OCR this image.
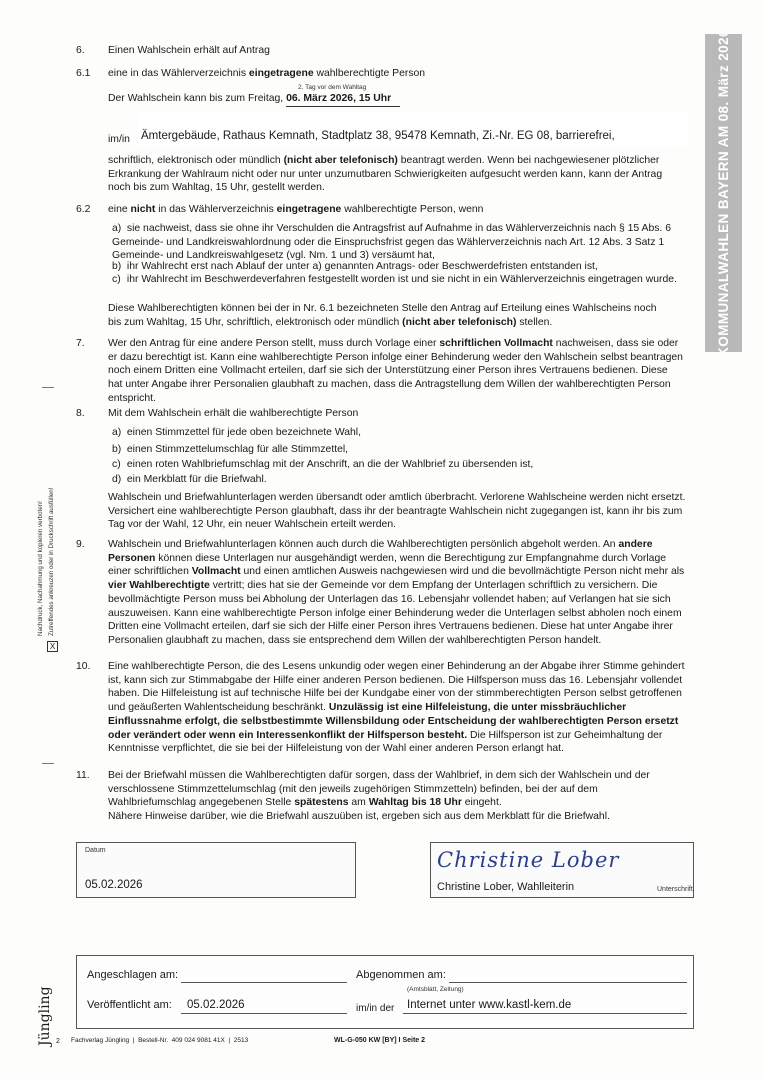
KOMMUNALWAHLEN BAYERN AM 08. März 2026
Nachdruck, Nachahmung und kopieren verboten! Zutreffendes ankreuzen oder in Druckschrift ausfüllen!
X
6. Einen Wahlschein erhält auf Antrag
6.1 eine in das Wählerverzeichnis eingetragene wahlberechtigte Person
2. Tag vor dem Wahltag
Der Wahlschein kann bis zum Freitag, 06. März 2026, 15 Uhr
im/in Ämtergebäude, Rathaus Kemnath, Stadtplatz 38, 95478 Kemnath, Zi.-Nr. EG 08, barrierefrei,
schriftlich, elektronisch oder mündlich (nicht aber telefonisch) beantragt werden. Wenn bei nachgewiesener plötzlicher Erkrankung der Wahlraum nicht oder nur unter unzumutbaren Schwierigkeiten aufgesucht werden kann, kann der Antrag noch bis zum Wahltag, 15 Uhr, gestellt werden.
6.2 eine nicht in das Wählerverzeichnis eingetragene wahlberechtigte Person, wenn
a) sie nachweist, dass sie ohne ihr Verschulden die Antragsfrist auf Aufnahme in das Wählerverzeichnis nach § 15 Abs. 6 Gemeinde- und Landkreiswahlordnung oder die Einspruchsfrist gegen das Wählerverzeichnis nach Art. 12 Abs. 3 Satz 1 Gemeinde- und Landkreiswahlgesetz (vgl. Nm. 1 und 3) versäumt hat,
b) ihr Wahlrecht erst nach Ablauf der unter a) genannten Antrags- oder Beschwerdefristen entstanden ist,
c) ihr Wahlrecht im Beschwerdeverfahren festgestellt worden ist und sie nicht in ein Wählerverzeichnis eingetragen wurde.
Diese Wahlberechtigten können bei der in Nr. 6.1 bezeichneten Stelle den Antrag auf Erteilung eines Wahlscheins noch bis zum Wahltag, 15 Uhr, schriftlich, elektronisch oder mündlich (nicht aber telefonisch) stellen.
7. Wer den Antrag für eine andere Person stellt, muss durch Vorlage einer schriftlichen Vollmacht nachweisen, dass sie oder er dazu berechtigt ist. Kann eine wahlberechtigte Person infolge einer Behinderung weder den Wahlschein selbst beantragen noch einem Dritten eine Vollmacht erteilen, darf sie sich der Unterstützung einer Person ihres Vertrauens bedienen. Diese hat unter Angabe ihrer Personalien glaubhaft zu machen, dass die Antragstellung dem Willen der wahlberechtigten Person entspricht.
8. Mit dem Wahlschein erhält die wahlberechtigte Person
a) einen Stimmzettel für jede oben bezeichnete Wahl,
b) einen Stimmzettelumschlag für alle Stimmzettel,
c) einen roten Wahlbriefumschlag mit der Anschrift, an die der Wahlbrief zu übersenden ist,
d) ein Merkblatt für die Briefwahl.
Wahlschein und Briefwahlunterlagen werden übersandt oder amtlich überbracht. Verlorene Wahlscheine werden nicht ersetzt. Versichert eine wahlberechtigte Person glaubhaft, dass ihr der beantragte Wahlschein nicht zugegangen ist, kann ihr bis zum Tag vor der Wahl, 12 Uhr, ein neuer Wahlschein erteilt werden.
9. Wahlschein und Briefwahlunterlagen können auch durch die Wahlberechtigten persönlich abgeholt werden. An andere Personen können diese Unterlagen nur ausgehändigt werden, wenn die Berechtigung zur Empfangnahme durch Vorlage einer schriftlichen Vollmacht und einen amtlichen Ausweis nachgewiesen wird und die bevollmächtigte Person nicht mehr als vier Wahlberechtigte vertritt; dies hat sie der Gemeinde vor dem Empfang der Unterlagen schriftlich zu versichern. Die bevollmächtigte Person muss bei Abholung der Unterlagen das 16. Lebensjahr vollendet haben; auf Verlangen hat sie sich auszuweisen. Kann eine wahlberechtigte Person infolge einer Behinderung weder die Unterlagen selbst abholen noch einem Dritten eine Vollmacht erteilen, darf sie sich der Hilfe einer Person ihres Vertrauens bedienen. Diese hat unter Angabe ihrer Personalien glaubhaft zu machen, dass sie entsprechend dem Willen der wahlberechtigten Person handelt.
10. Eine wahlberechtigte Person, die des Lesens unkundig oder wegen einer Behinderung an der Abgabe ihrer Stimme gehindert ist, kann sich zur Stimmabgabe der Hilfe einer anderen Person bedienen. Die Hilfsperson muss das 16. Lebensjahr vollendet haben. Die Hilfeleistung ist auf technische Hilfe bei der Kundgabe einer von der stimmberechtigten Person selbst getroffenen und geäußerten Wahlentscheidung beschränkt. Unzulässig ist eine Hilfeleistung, die unter missbräuchlicher Einflussnahme erfolgt, die selbstbestimmte Willensbildung oder Entscheidung der wahlberechtigten Person ersetzt oder verändert oder wenn ein Interessenkonflikt der Hilfsperson besteht. Die Hilfsperson ist zur Geheimhaltung der Kenntnisse verpflichtet, die sie bei der Hilfeleistung von der Wahl einer anderen Person erlangt hat.
11. Bei der Briefwahl müssen die Wahlberechtigten dafür sorgen, dass der Wahlbrief, in dem sich der Wahlschein und der verschlossene Stimmzettelumschlag (mit den jeweils zugehörigen Stimmzetteln) befinden, bei der auf dem Wahlbriefumschlag angegebenen Stelle spätestens am Wahltag bis 18 Uhr eingeht.
Nähere Hinweise darüber, wie die Briefwahl auszuüben ist, ergeben sich aus dem Merkblatt für die Briefwahl.
Datum
05.02.2026
Christine Lober
Christine Lober, Wahlleiterin	Unterschrift
Angeschlagen am:	Abgenommen am:
Veröffentlicht am: 05.02.2026	im/in der
(Amtsblatt, Zeitung)
Internet unter www.kastl-kem.de
Jüngling 2 Fachverlag Jüngling  |  Bestell-Nr.  409 024 9081 41X  |  2513	WL-G-050 KW [BY] I Seite 2
